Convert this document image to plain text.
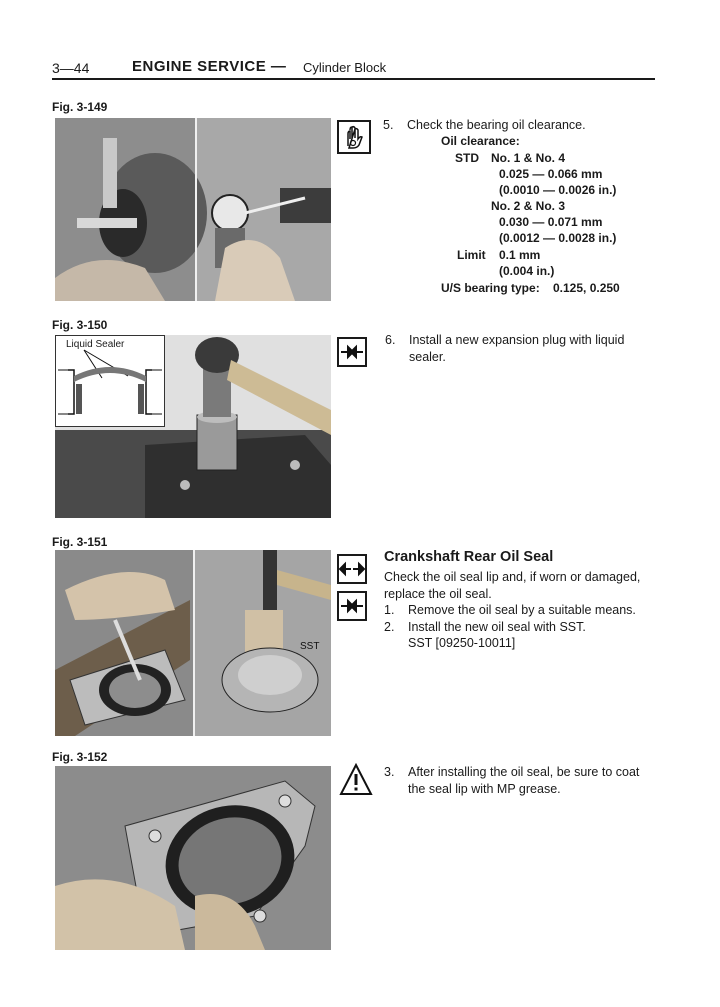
3—44	ENGINE SERVICE — Cylinder Block
Fig. 3-149
5. Check the bearing oil clearance.
Oil clearance:
STD No. 1 & No. 4
0.025 — 0.066 mm
(0.0010 — 0.0026 in.)
No. 2 & No. 3
0.030 — 0.071 mm
(0.0012 — 0.0028 in.)
Limit 0.1 mm
(0.004 in.)
U/S bearing type: 0.125, 0.250
Fig. 3-150
Liquid Sealer	6. Install a new expansion plug with liquid
sealer.
Fig. 3-151
SST
Crankshaft Rear Oil Seal
Check the oil seal lip and, if worn or damaged,
replace the oil seal.
1. Remove the oil seal by a suitable means.
2. Install the new oil seal with SST.
SST [09250-10011]
Fig. 3-152
3. After installing the oil seal, be sure to coat
the seal lip with MP grease.
